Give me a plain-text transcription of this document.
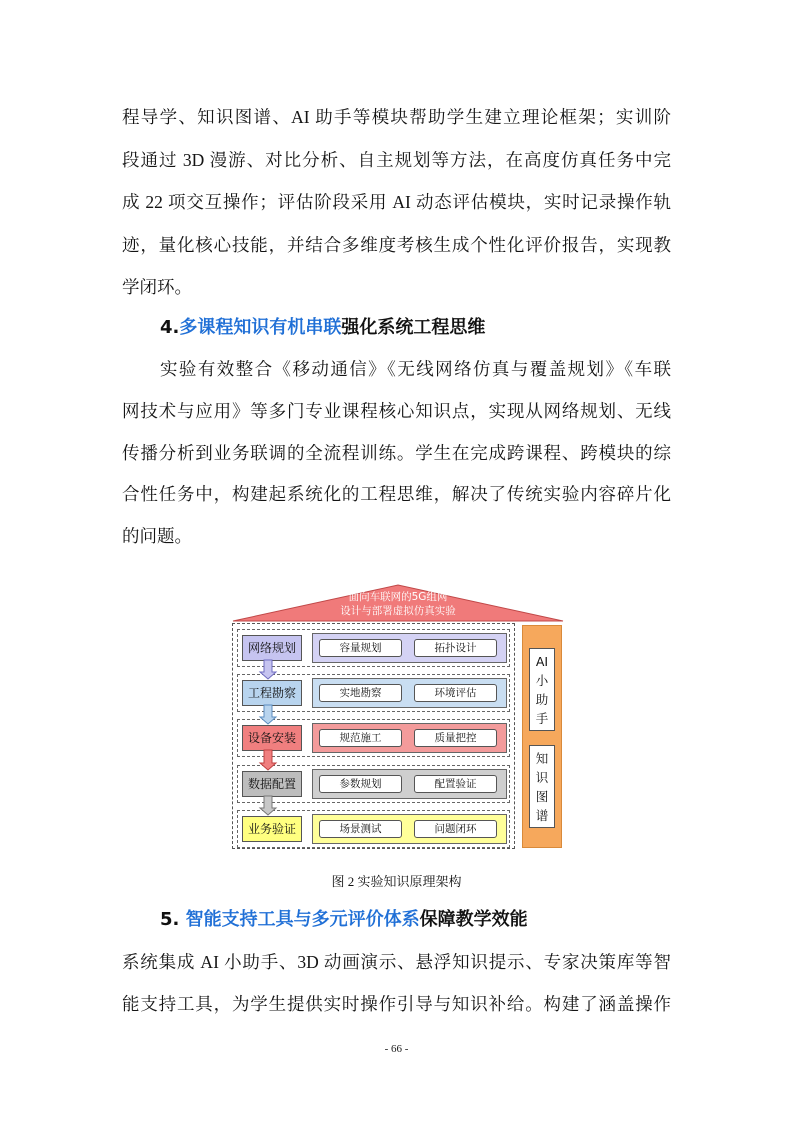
程导学、知识图谱、AI 助手等模块帮助学生建立理论框架；实训阶
段通过 3D 漫游、对比分析、自主规划等方法，在高度仿真任务中完
成 22 项交互操作；评估阶段采用 AI 动态评估模块，实时记录操作轨
迹，量化核心技能，并结合多维度考核生成个性化评价报告，实现教
学闭环。
4.多课程知识有机串联强化系统工程思维
实验有效整合《移动通信》《无线网络仿真与覆盖规划》《车联
网技术与应用》等多门专业课程核心知识点，实现从网络规划、无线
传播分析到业务联调的全流程训练。学生在完成跨课程、跨模块的综
合性任务中，构建起系统化的工程思维，解决了传统实验内容碎片化
的问题。
面向车联网的5G组网
设计与部署虚拟仿真实验
网络规划	容量规划	拓扑设计
工程勘察	实地勘察	环境评估
设备安装	规范施工	质量把控
数据配置	参数规划	配置验证
业务验证	场景测试	问题闭环
AI
小
助
手
知
识
图
谱
图 2 实验知识原理架构
5. 智能支持工具与多元评价体系保障教学效能
系统集成 AI 小助手、3D 动画演示、悬浮知识提示、专家决策库等智
能支持工具，为学生提供实时操作引导与知识补给。构建了涵盖操作
- 66 -
